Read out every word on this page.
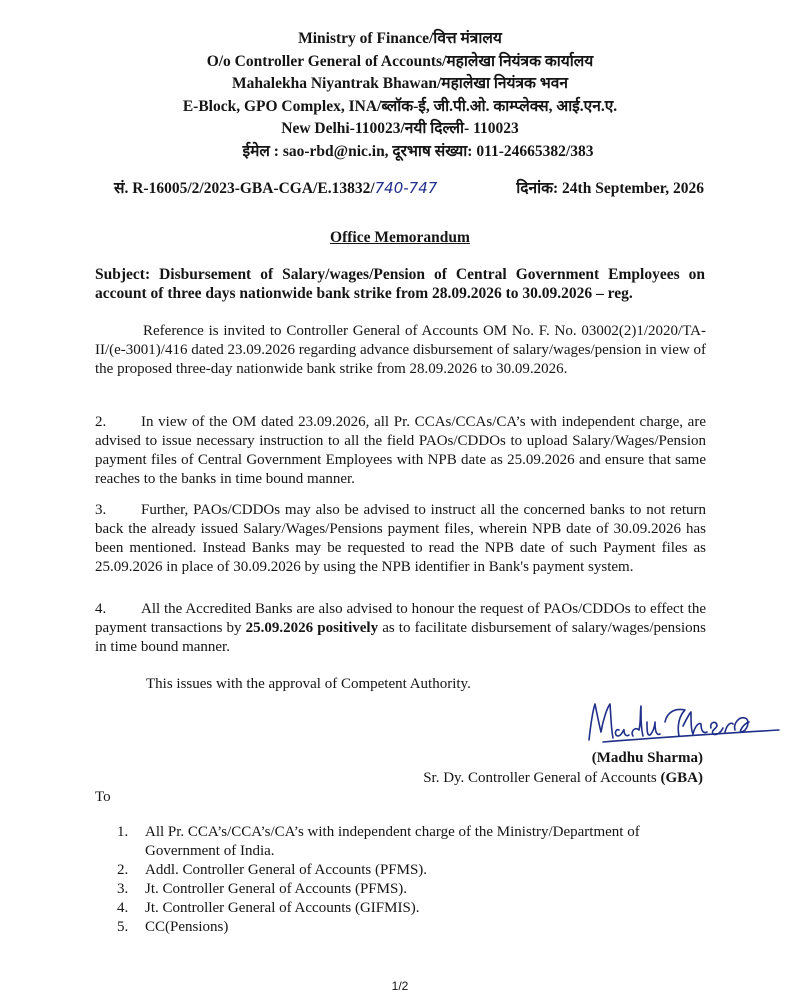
Ministry of Finance/वित्त मंत्रालय
O/o Controller General of Accounts/महालेखा नियंत्रक कार्यालय
Mahalekha Niyantrak Bhawan/महालेखा नियंत्रक भवन
E-Block, GPO Complex, INA/ब्लॉक-ई, जी.पी.ओ. काम्प्लेक्स, आई.एन.ए.
New Delhi-110023/नयी दिल्ली- 110023
ईमेल : sao-rbd@nic.in, दूरभाष संख्या: 011-24665382/383
सं. R-16005/2/2023-GBA-CGA/E.13832/740-747	दिनांक: 24th September, 2026
Office Memorandum
Subject: Disbursement of Salary/wages/Pension of Central Government Employees on account of three days nationwide bank strike from 28.09.2026 to 30.09.2026 – reg.
Reference is invited to Controller General of Accounts OM No. F. No. 03002(2)1/2020/TA-II/(e-3001)/416 dated 23.09.2026 regarding advance disbursement of salary/wages/pension in view of the proposed three-day nationwide bank strike from 28.09.2026 to 30.09.2026.
2. In view of the OM dated 23.09.2026, all Pr. CCAs/CCAs/CA’s with independent charge, are advised to issue necessary instruction to all the field PAOs/CDDOs to upload Salary/Wages/Pension payment files of Central Government Employees with NPB date as 25.09.2026 and ensure that same reaches to the banks in time bound manner.
3. Further, PAOs/CDDOs may also be advised to instruct all the concerned banks to not return back the already issued Salary/Wages/Pensions payment files, wherein NPB date of 30.09.2026 has been mentioned. Instead Banks may be requested to read the NPB date of such Payment files as 25.09.2026 in place of 30.09.2026 by using the NPB identifier in Bank's payment system.
4. All the Accredited Banks are also advised to honour the request of PAOs/CDDOs to effect the payment transactions by 25.09.2026 positively as to facilitate disbursement of salary/wages/pensions in time bound manner.
This issues with the approval of Competent Authority.
(Madhu Sharma)
Sr. Dy. Controller General of Accounts (GBA)
To
1.	All Pr. CCA’s/CCA’s/CA’s with independent charge of the Ministry/Department of Government of India.
2.	Addl. Controller General of Accounts (PFMS).
3.	Jt. Controller General of Accounts (PFMS).
4.	Jt. Controller General of Accounts (GIFMIS).
5.	CC(Pensions)
1/2
